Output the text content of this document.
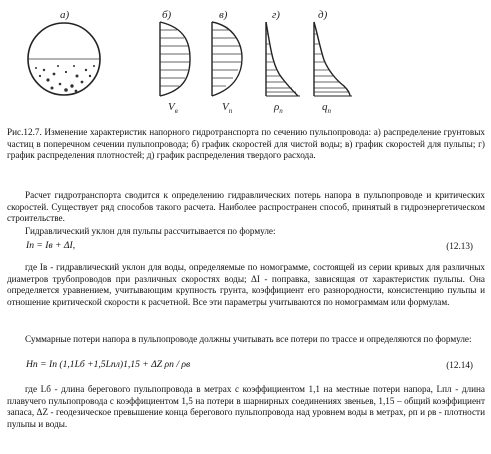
а)	б)
$V_в$
в)
$V_п$
г)
$\rho_п$
д)
$q_п$

Рис.12.7. Изменение характеристик напорного гидротранспорта по сечению пульпопровода: а) распределение грунтовых частиц в поперечном сечении пульпопровода; б) график скоростей для чистой воды; в) график скоростей для пульпы; г) график распределения плотностей; д) график распределения твердого расхода.

Расчет гидротранспорта сводится к определению гидравлических потерь напора в пульпопроводе и критических скоростей. Существует ряд способов такого расчета. Наиболее распространен способ, принятый в гидроэнергетическом строительстве.

Гидравлический уклон для пульпы рассчитывается по формуле:

Iп = Iв + ΔI,	(12.13)

где Iв - гидравлический уклон для воды, определяемые по номограмме, состоящей из серии кривых для различных диаметров трубопроводов при различных скоростях воды; ΔI - поправка, зависящая от характеристик пульпы. Она определяется уравнением, учитывающим крупность грунта, коэффициент его разнородности, консистенцию пульпы и отношение критической скорости к расчетной. Все эти параметры учитываются по номограммам или формулам.

Суммарные потери напора в пульпопроводе должны учитывать все потери по трассе и определяются по формуле:

Hп = Iп (1,1Lб +1,5Lпл)1,15 + ΔZ ρп / ρв	(12.14)

где Lб - длина берегового пульпопровода в метрах с коэффициентом 1,1 на местные потери напора, Lпл - длина плавучего пульпопровода с коэффициентом 1,5 на потери в шарнирных соединениях звеньев, 1,15 – общий коэффициент запаса, ΔZ - геодезическое превышение конца берегового пульпопровода над уровнем воды в метрах, ρп и ρв - плотности пульпы и воды.
